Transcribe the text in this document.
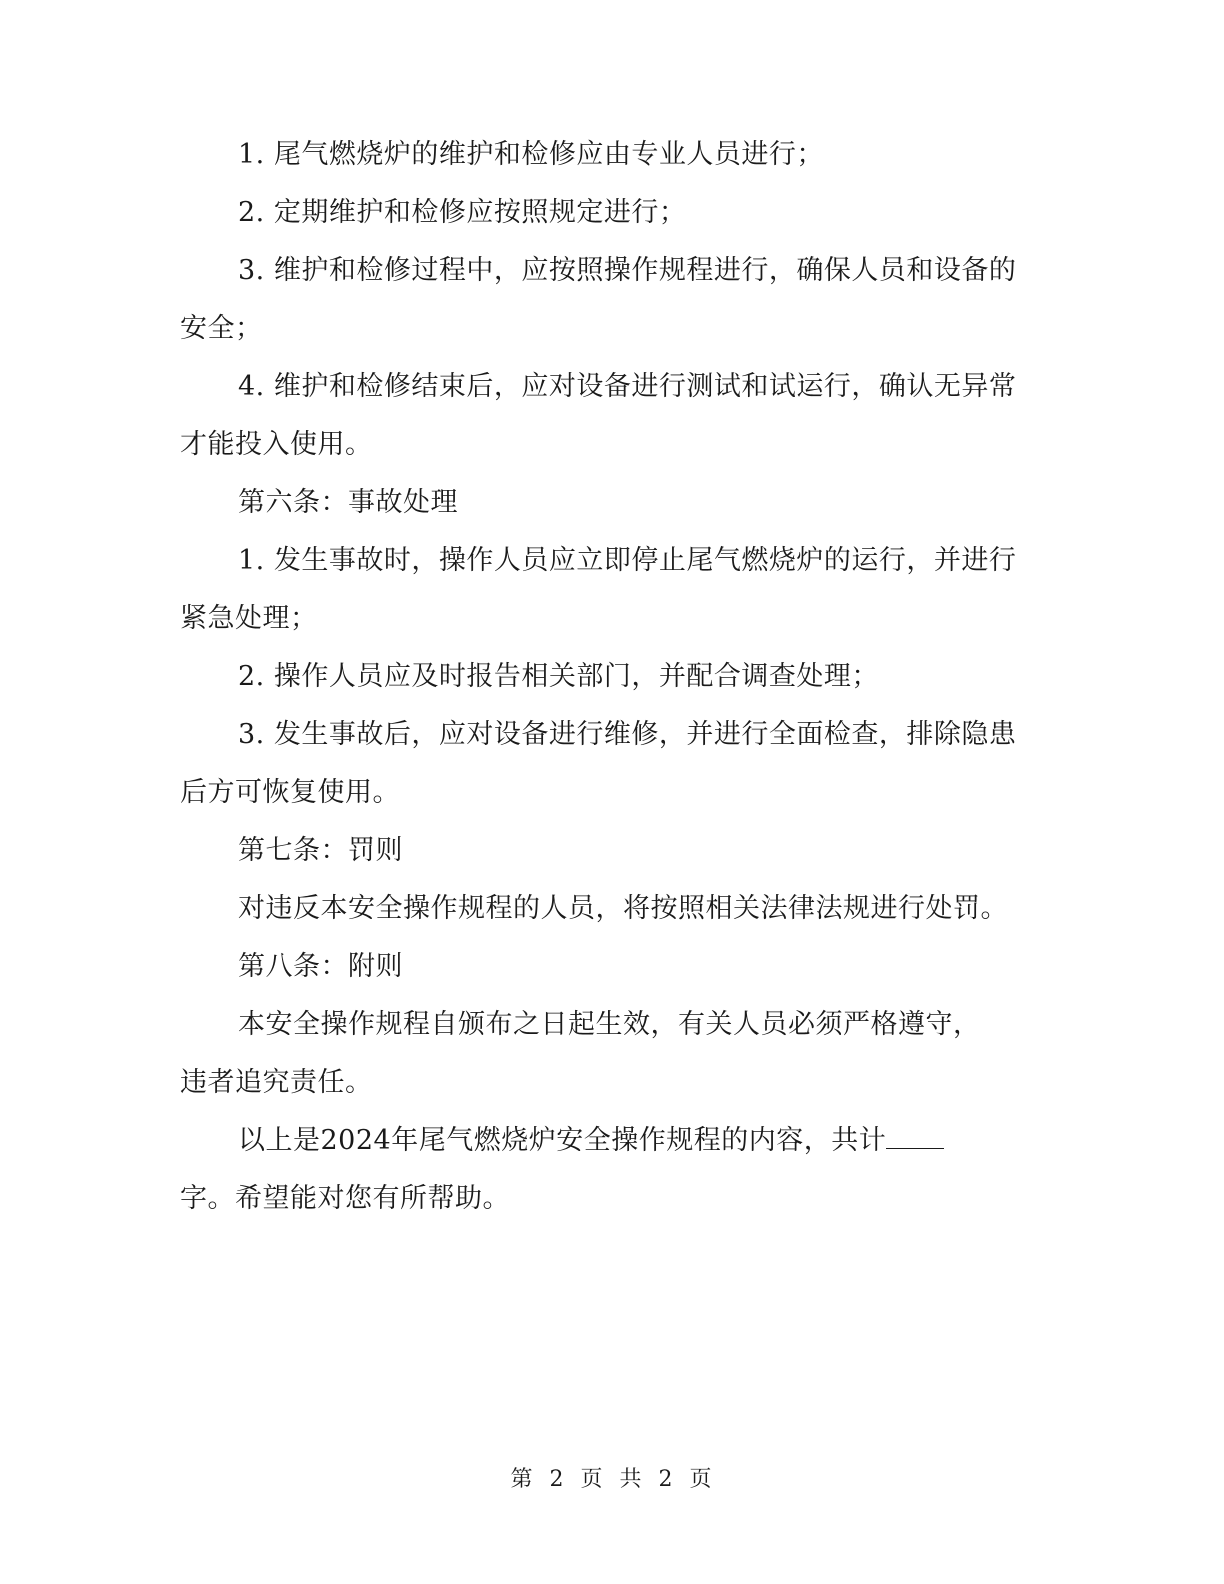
1. 尾气燃烧炉的维护和检修应由专业人员进行；

2. 定期维护和检修应按照规定进行；

3. 维护和检修过程中，应按照操作规程进行，确保人员和设备的安全；

4. 维护和检修结束后，应对设备进行测试和试运行，确认无异常才能投入使用。

第六条：事故处理

1. 发生事故时，操作人员应立即停止尾气燃烧炉的运行，并进行紧急处理；

2. 操作人员应及时报告相关部门，并配合调查处理；

3. 发生事故后，应对设备进行维修，并进行全面检查，排除隐患后方可恢复使用。

第七条：罚则

对违反本安全操作规程的人员，将按照相关法律法规进行处罚。

第八条：附则

本安全操作规程自颁布之日起生效，有关人员必须严格遵守，违者追究责任。

以上是2024年尾气燃烧炉安全操作规程的内容，共计字。希望能对您有所帮助。

第 2 页 共 2 页
